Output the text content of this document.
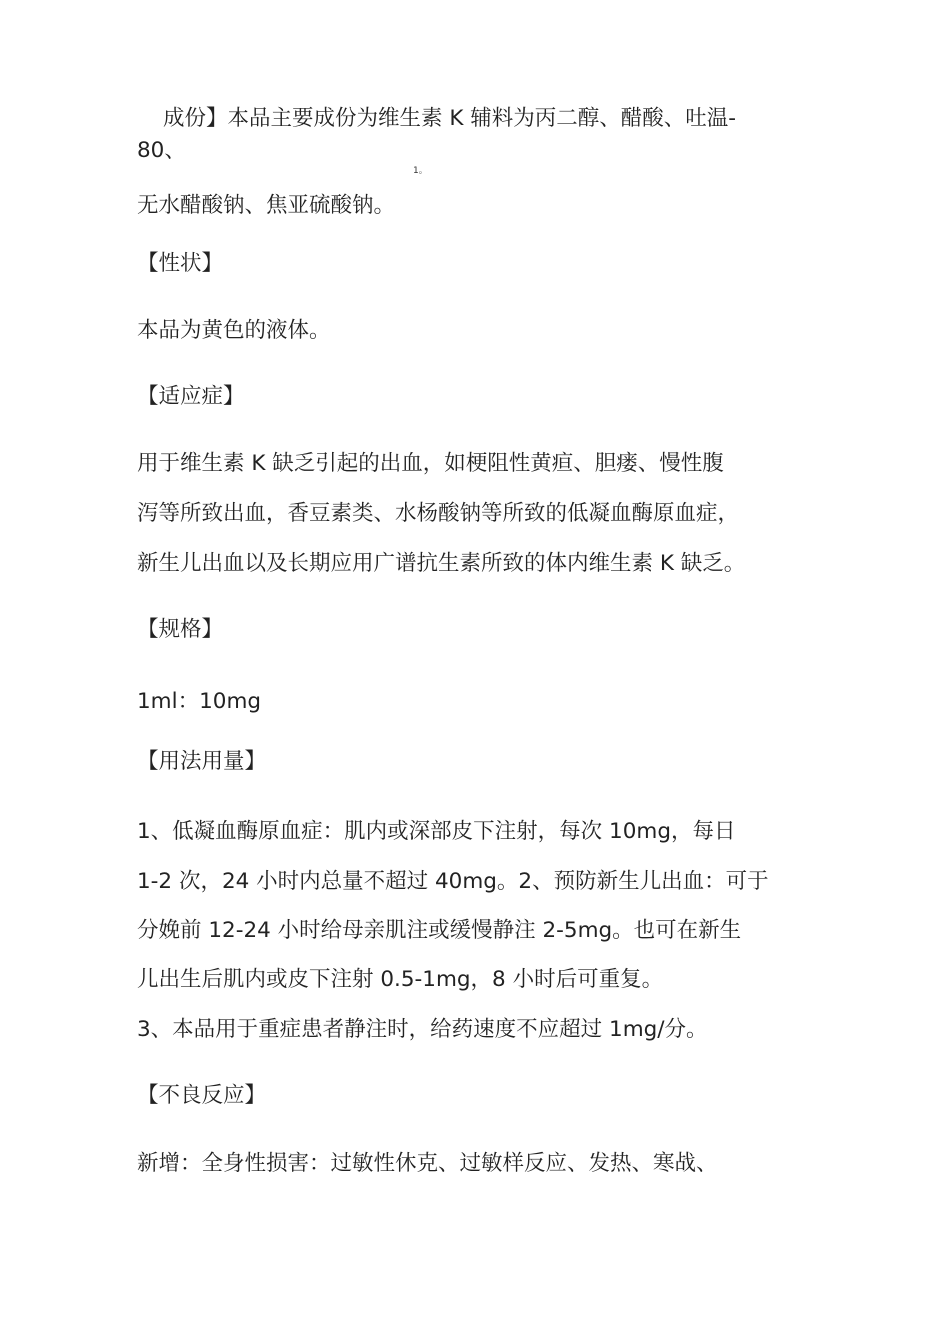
成份】本品主要成份为维生素 K 辅料为丙二醇、醋酸、吐温-

80、

1。

无水醋酸钠、焦亚硫酸钠。

【性状】

本品为黄色的液体。

【适应症】

用于维生素 K 缺乏引起的出血，如梗阻性黄疸、胆瘘、慢性腹

泻等所致出血，香豆素类、水杨酸钠等所致的低凝血酶原血症，

新生儿出血以及长期应用广谱抗生素所致的体内维生素 K 缺乏。

【规格】

1ml：10mg

【用法用量】

1、低凝血酶原血症：肌内或深部皮下注射，每次 10mg，每日

1-2 次，24 小时内总量不超过 40mg。2、预防新生儿出血：可于

分娩前 12-24 小时给母亲肌注或缓慢静注 2-5mg。也可在新生

儿出生后肌内或皮下注射 0.5-1mg，8 小时后可重复。

3、本品用于重症患者静注时，给药速度不应超过 1mg/分。

【不良反应】

新增：全身性损害：过敏性休克、过敏样反应、发热、寒战、
